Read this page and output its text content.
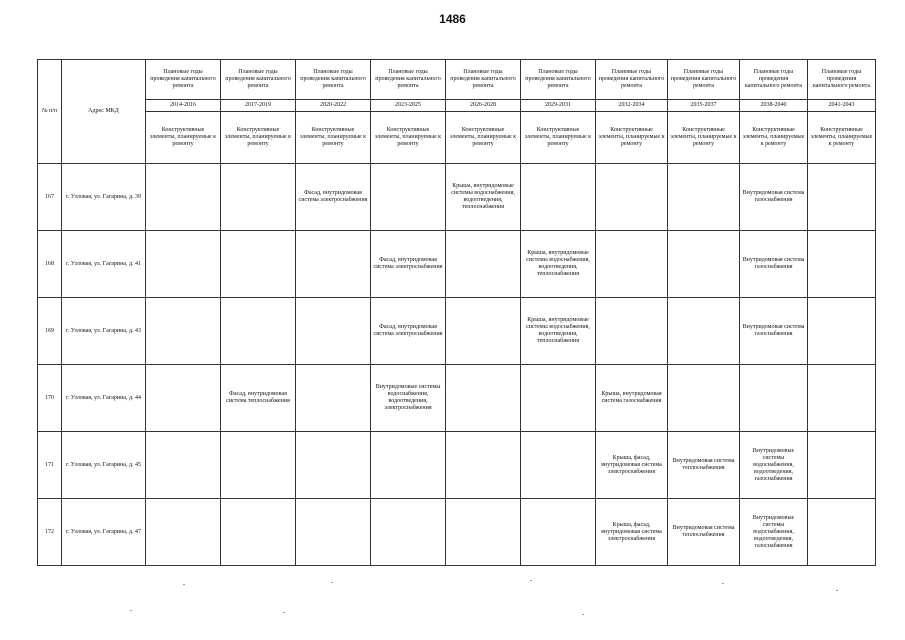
1486
№ п/п	Адрес МКД	Плановые годы проведения капитального ремонта	Плановые годы проведения капитального ремонта	Плановые годы проведения капитального ремонта	Плановые годы проведения капитального ремонта	Плановые годы проведения капитального ремонта	Плановые годы проведения капитального ремонта	Плановые годы проведения капитального ремонта	Плановые годы проведения капитального ремонта	Плановые годы проведения капитального ремонта	Плановые годы проведения капитального ремонта
		2014-2016	2017-2019	2020-2022	2023-2025	2026-2028	2029-2031	2032-2034	2035-2037	2038-2040	2041-2043
		Конструктивные элементы, планируемые к ремонту	Конструктивные элементы, планируемые к ремонту	Конструктивные элементы, планируемые к ремонту	Конструктивные элементы, планируемые к ремонту	Конструктивные элементы, планируемые к ремонту	Конструктивные элементы, планируемые к ремонту	Конструктивные элементы, планируемые к ремонту	Конструктивные элементы, планируемые к ремонту	Конструктивные элементы, планируемые к ремонту	Конструктивные элементы, планируемые к ремонту
167	г. Узловая, ул. Гагарина, д. 39			Фасад, внутридомовая система электроснабжения		Крыша, внутридомовые системы водоснабжения, водоотведения, теплоснабжения				Внутридомовая система газоснабжения	
168	г. Узловая, ул. Гагарина, д. 41				Фасад, внутридомовая система электроснабжения		Крыша, внутридомовые системы водоснабжения, водоотведения, теплоснабжения			Внутридомовая система газоснабжения	
169	г. Узловая, ул. Гагарина, д. 43				Фасад, внутридомовая система электроснабжения		Крыша, внутридомовые системы водоснабжения, водоотведения, теплоснабжения			Внутридомовая система газоснабжения	
170	г. Узловая, ул. Гагарина, д. 44		Фасад, внутридомовая система теплоснабжения		Внутридомовые системы водоснабжения, водоотведения, электроснабжения			Крыша, внутридомовая система газоснабжения			
171	г. Узловая, ул. Гагарина, д. 45							Крыша, фасад, внутридомовая система электроснабжения	Внутридомовая система теплоснабжения	Внутридомовые системы водоснабжения, водоотведения, газоснабжения	
172	г. Узловая, ул. Гагарина, д. 47							Крыша, фасад, внутридомовая система электроснабжения	Внутридомовая система теплоснабжения	Внутридомовые системы водоснабжения, водоотведения, газоснабжения	
